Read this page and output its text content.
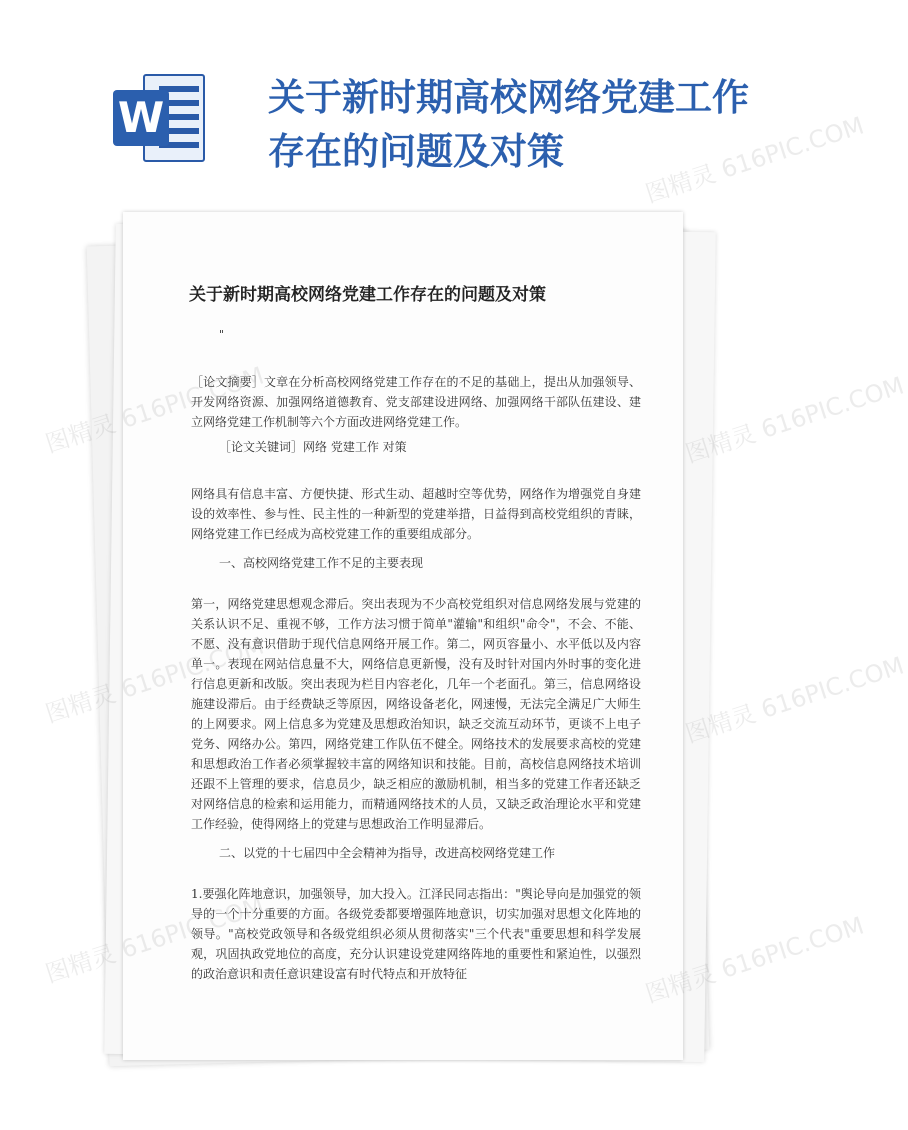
W	关于新时期高校网络党建工作存在的问题及对策
关于新时期高校网络党建工作存在的问题及对策
"

［论文摘要］文章在分析高校网络党建工作存在的不足的基础上，提出从加强领导、开发网络资源、加强网络道德教育、党支部建设进网络、加强网络干部队伍建设、建立网络党建工作机制等六个方面改进网络党建工作。

［论文关键词］网络 党建工作 对策

网络具有信息丰富、方便快捷、形式生动、超越时空等优势，网络作为增强党自身建设的效率性、参与性、民主性的一种新型的党建举措，日益得到高校党组织的青睐，网络党建工作已经成为高校党建工作的重要组成部分。

一、高校网络党建工作不足的主要表现

第一，网络党建思想观念滞后。突出表现为不少高校党组织对信息网络发展与党建的关系认识不足、重视不够，工作方法习惯于简单"灌输"和组织"命令"，不会、不能、不愿、没有意识借助于现代信息网络开展工作。第二，网页容量小、水平低以及内容单一。表现在网站信息量不大，网络信息更新慢，没有及时针对国内外时事的变化进行信息更新和改版。突出表现为栏目内容老化，几年一个老面孔。第三，信息网络设施建设滞后。由于经费缺乏等原因，网络设备老化，网速慢，无法完全满足广大师生的上网要求。网上信息多为党建及思想政治知识，缺乏交流互动环节，更谈不上电子党务、网络办公。第四，网络党建工作队伍不健全。网络技术的发展要求高校的党建和思想政治工作者必须掌握较丰富的网络知识和技能。目前，高校信息网络技术培训还跟不上管理的要求，信息员少，缺乏相应的激励机制，相当多的党建工作者还缺乏对网络信息的检索和运用能力，而精通网络技术的人员，又缺乏政治理论水平和党建工作经验，使得网络上的党建与思想政治工作明显滞后。

二、以党的十七届四中全会精神为指导，改进高校网络党建工作

1.要强化阵地意识，加强领导，加大投入。江泽民同志指出："舆论导向是加强党的领导的一个十分重要的方面。各级党委都要增强阵地意识，切实加强对思想文化阵地的领导。"高校党政领导和各级党组织必须从贯彻落实"三个代表"重要思想和科学发展观，巩固执政党地位的高度，充分认识建设党建网络阵地的重要性和紧迫性，以强烈的政治意识和责任意识建设富有时代特点和开放特征

图精灵 616PIC.COM
图精灵	图精灵 616PIC.COM
图精灵	图精灵 616PIC.COM
图精灵	图精灵 616PIC.COM
